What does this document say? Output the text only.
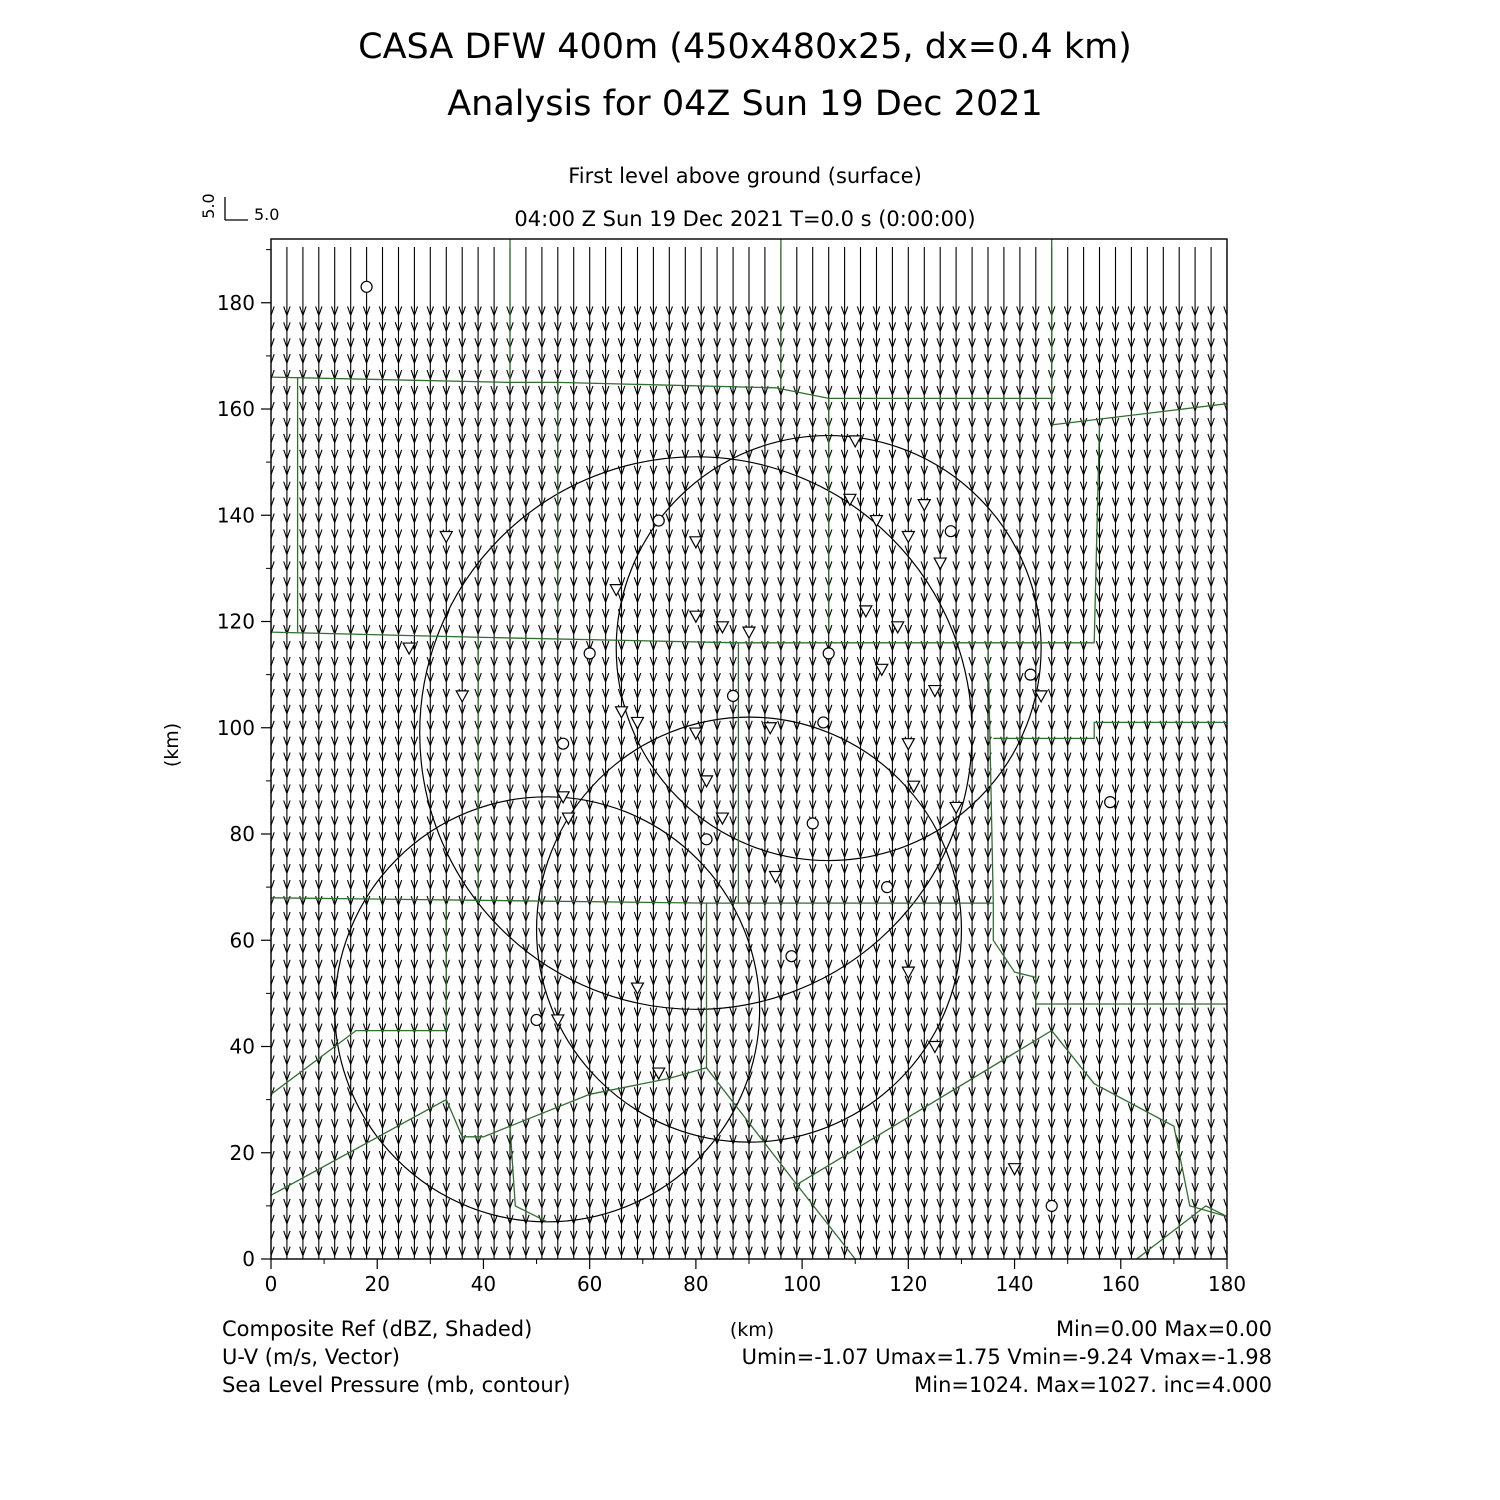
CASA DFW 400m (450x480x25, dx=0.4 km)
Analysis for 04Z Sun 19 Dec 2021
First level above ground (surface)
04:00 Z Sun 19 Dec 2021 T=0.0 s (0:00:00)
5.0 5.0
(km)
0	20	40	60	80	100	120	140	160	180
0
20
40
60
80
100
120
140
160
180
Composite Ref (dBZ, Shaded)	(km)	Min=0.00 Max=0.00
U-V (m/s, Vector)	Umin=-1.07 Umax=1.75 Vmin=-9.24 Vmax=-1.98
Sea Level Pressure (mb, contour)	Min=1024. Max=1027. inc=4.000
